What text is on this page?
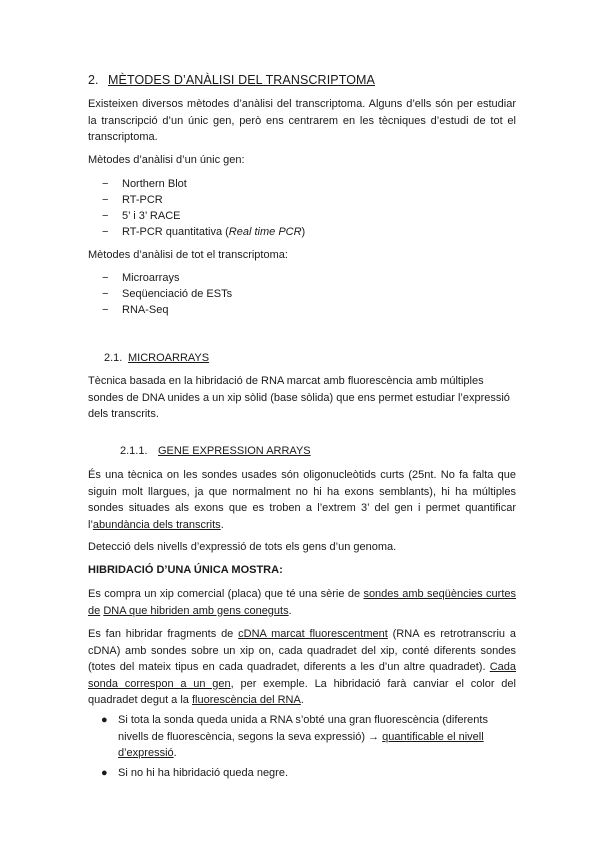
2. MÈTODES D’ANÀLISI DEL TRANSCRIPTOMA

Existeixen diversos mètodes d’anàlisi del transcriptoma. Alguns d’ells són per estudiar la transcripció d’un únic gen, però ens centrarem en les tècniques d’estudi de tot el transcriptoma.

Mètodes d’anàlisi d’un únic gen:

− Northern Blot
− RT-PCR
− 5’ i 3’ RACE
− RT-PCR quantitativa (Real time PCR)

Mètodes d’anàlisi de tot el transcriptoma:

− Microarrays
− Seqüenciació de ESTs
− RNA-Seq
2.1. MICROARRAYS

Tècnica basada en la hibridació de RNA marcat amb fluorescència amb múltiples sondes de DNA unides a un xip sòlid (base sòlida) que ens permet estudiar l’expressió dels transcrits.

2.1.1. GENE EXPRESSION ARRAYS

És una tècnica on les sondes usades són oligonucleòtids curts (25nt. No fa falta que siguin molt llargues, ja que normalment no hi ha exons semblants), hi ha múltiples sondes situades als exons que es troben a l’extrem 3’ del gen i permet quantificar l’abundància dels transcrits.

Detecció dels nivells d’expressió de tots els gens d’un genoma.

HIBRIDACIÓ D’UNA ÚNICA MOSTRA:

Es compra un xip comercial (placa) que té una sèrie de sondes amb seqüències curtes de DNA que hibriden amb gens coneguts.

Es fan hibridar fragments de cDNA marcat fluorescentment (RNA es retrotranscriu a cDNA) amb sondes sobre un xip on, cada quadradet del xip, conté diferents sondes (totes del mateix tipus en cada quadradet, diferents a les d’un altre quadradet). Cada sonda correspon a un gen, per exemple. La hibridació farà canviar el color del quadradet degut a la fluorescència del RNA.

● Si tota la sonda queda unida a RNA s’obté una gran fluorescència (diferents nivells de fluorescència, segons la seva expressió) → quantificable el nivell d’expressió.
● Si no hi ha hibridació queda negre.
